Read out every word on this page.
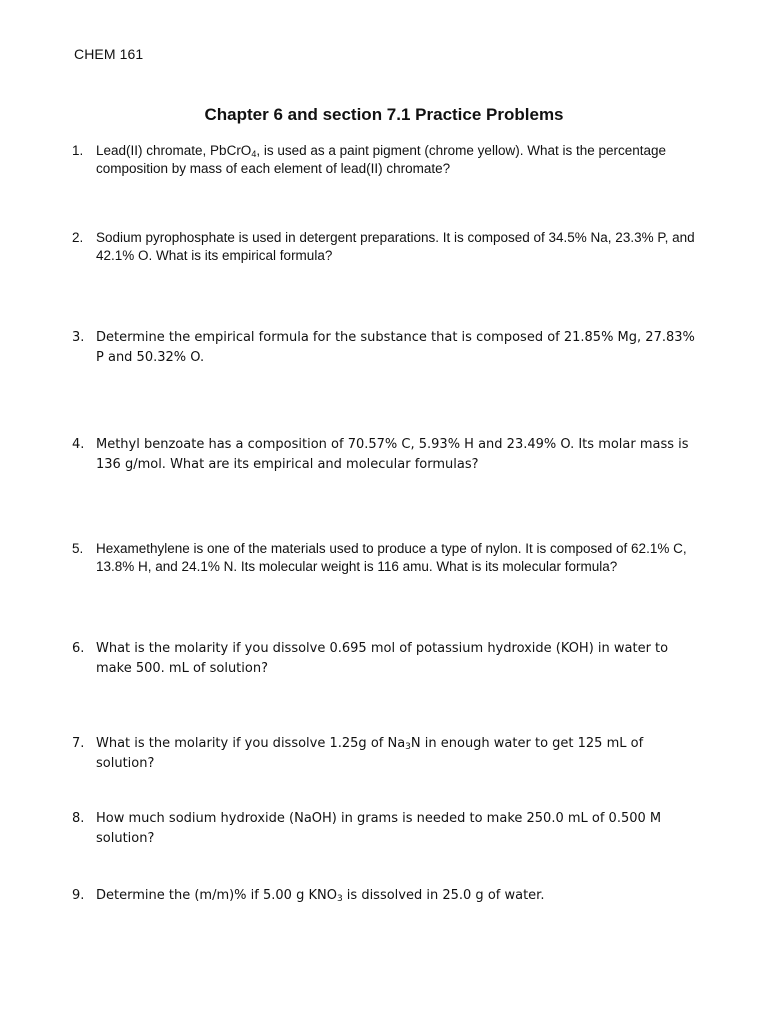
CHEM 161
Chapter 6 and section 7.1 Practice Problems
1. Lead(II) chromate, PbCrO$_4$, is used as a paint pigment (chrome yellow). What is the percentage composition by mass of each element of lead(II) chromate?
2. Sodium pyrophosphate is used in detergent preparations. It is composed of 34.5% Na, 23.3% P, and 42.1% O. What is its empirical formula?
3. Determine the empirical formula for the substance that is composed of 21.85% Mg, 27.83% P and 50.32% O.
4. Methyl benzoate has a composition of 70.57% C, 5.93% H and 23.49% O. Its molar mass is 136 g/mol. What are its empirical and molecular formulas?
5. Hexamethylene is one of the materials used to produce a type of nylon. It is composed of 62.1% C, 13.8% H, and 24.1% N. Its molecular weight is 116 amu. What is its molecular formula?
6. What is the molarity if you dissolve 0.695 mol of potassium hydroxide (KOH) in water to make 500. mL of solution?
7. What is the molarity if you dissolve 1.25g of $Na_3N$ in enough water to get 125 mL of solution?
8. How much sodium hydroxide (NaOH) in grams is needed to make 250.0 mL of 0.500 M solution?
9. Determine the (m/m)% if 5.00 g $KNO_3$ is dissolved in 25.0 g of water.
